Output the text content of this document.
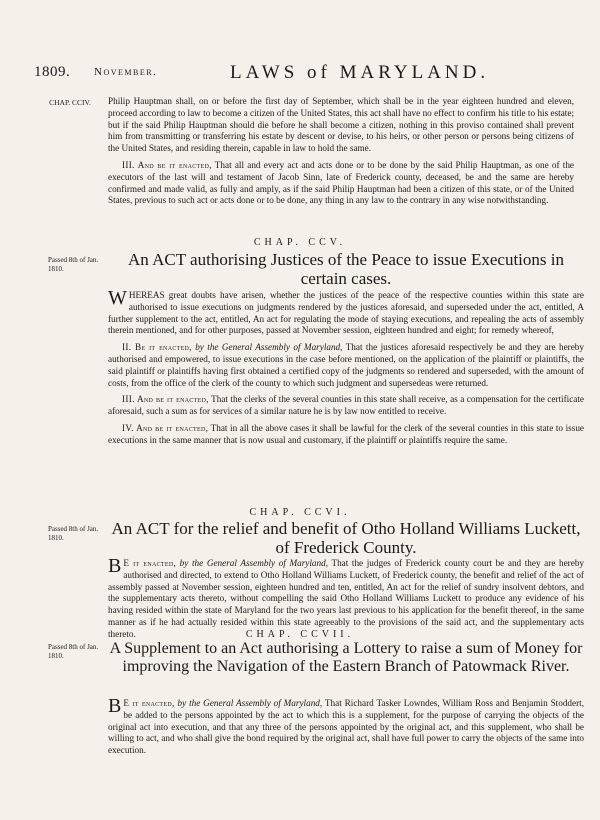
1809. November.	LAWS of MARYLAND.
CHAP. CCIV.
Passed 8th of Jan. 1810.
Passed 8th of Jan. 1810.
Passed 8th of Jan. 1810.

Philip Hauptman shall, on or before the first day of September, which shall be in the year eighteen hundred and eleven, proceed according to law to become a citizen of the United States, this act shall have no effect to confirm his title to his estate; but if the said Philip Hauptman should die before he shall become a citizen, nothing in this proviso contained shall prevent him from transmitting or transferring his estate by descent or devise, to his heirs, or other person or persons being citizens of the United States, and residing therein, capable in law to hold the same.

III. And be it enacted, That all and every act and acts done or to be done by the said Philip Hauptman, as one of the executors of the last will and testament of Jacob Sinn, late of Frederick county, deceased, be and the same are hereby confirmed and made valid, as fully and amply, as if the said Philip Hauptman had been a citizen of this state, or of the United States, previous to such act or acts done or to be done, any thing in any law to the contrary in any wise notwithstanding.

CHAP. CCV.
An ACT authorising Justices of the Peace to issue Executions in certain cases.

WHEREAS great doubts have arisen, whether the justices of the peace of the respective counties within this state are authorised to issue executions on judgments rendered by the justices aforesaid, and superseded under the act, entitled, A further supplement to the act, entitled, An act for regulating the mode of staying executions, and repealing the acts of assembly therein mentioned, and for other purposes, passed at November session, eighteen hundred and eight; for remedy whereof,

II. Be it enacted, by the General Assembly of Maryland, That the justices aforesaid respectively be and they are hereby authorised and empowered, to issue executions in the case before mentioned, on the application of the plaintiff or plaintiffs, the said plaintiff or plaintiffs having first obtained a certified copy of the judgments so rendered and superseded, with the amount of costs, from the office of the clerk of the county to which such judgment and supersedeas were returned.

III. And be it enacted, That the clerks of the several counties in this state shall receive, as a compensation for the certificate aforesaid, such a sum as for services of a similar nature he is by law now entitled to receive.

IV. And be it enacted, That in all the above cases it shall be lawful for the clerk of the several counties in this state to issue executions in the same manner that is now usual and customary, if the plaintiff or plaintiffs require the same.

CHAP. CCVI.
An ACT for the relief and benefit of Otho Holland Williams Luckett, of Frederick County.

B E it enacted, by the General Assembly of Maryland, That the judges of Frederick county court be and they are hereby authorised and directed, to extend to Otho Holland Williams Luckett, of Frederick county, the benefit and relief of the act of assembly passed at November session, eighteen hundred and ten, entitled, An act for the relief of sundry insolvent debtors, and the supplementary acts thereto, without compelling the said Otho Holland Williams Luckett to produce any evidence of his having resided within the state of Maryland for the two years last previous to his application for the benefit thereof, in the same manner as if he had actually resided within this state agreeably to the provisions of the said act, and the supplementary acts thereto.	CHAP. CCVII.
A Supplement to an Act authorising a Lottery to raise a sum of Money for improving the Navigation of the Eastern Branch of Patowmack River.

B E it enacted, by the General Assembly of Maryland, That Richard Tasker Lowndes, William Ross and Benjamin Stoddert, be added to the persons appointed by the act to which this is a supplement, for the purpose of carrying the objects of the original act into execution, and that any three of the persons appointed by the original act, and this supplement, who shall be willing to act, and who shall give the bond required by the original act, shall have full power to carry the objects of the same into execution.
